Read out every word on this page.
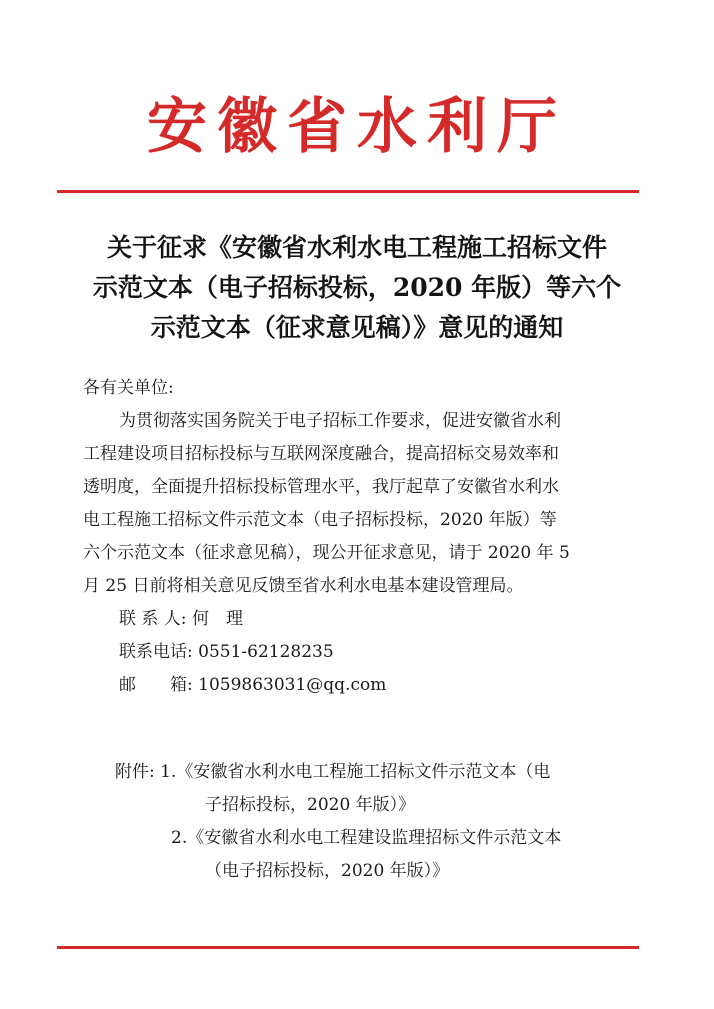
安徽省水利厅
关于征求《安徽省水利水电工程施工招标文件
示范文本（电子招标投标，2020 年版）等六个
示范文本（征求意见稿）》意见的通知

各有关单位:

为贯彻落实国务院关于电子招标工作要求，促进安徽省水利

工程建设项目招标投标与互联网深度融合，提高招标交易效率和

透明度，全面提升招标投标管理水平，我厅起草了安徽省水利水

电工程施工招标文件示范文本（电子招标投标，2020 年版）等

六个示范文本（征求意见稿），现公开征求意见，请于 2020 年 5

月 25 日前将相关意见反馈至省水利水电基本建设管理局。

联 系 人: 何　理

联系电话: 0551-62128235

邮　　箱: 1059863031@qq.com

附件: 1.《安徽省水利水电工程施工招标文件示范文本（电

子招标投标，2020 年版）》

2.《安徽省水利水电工程建设监理招标文件示范文本

（电子招标投标，2020 年版）》
